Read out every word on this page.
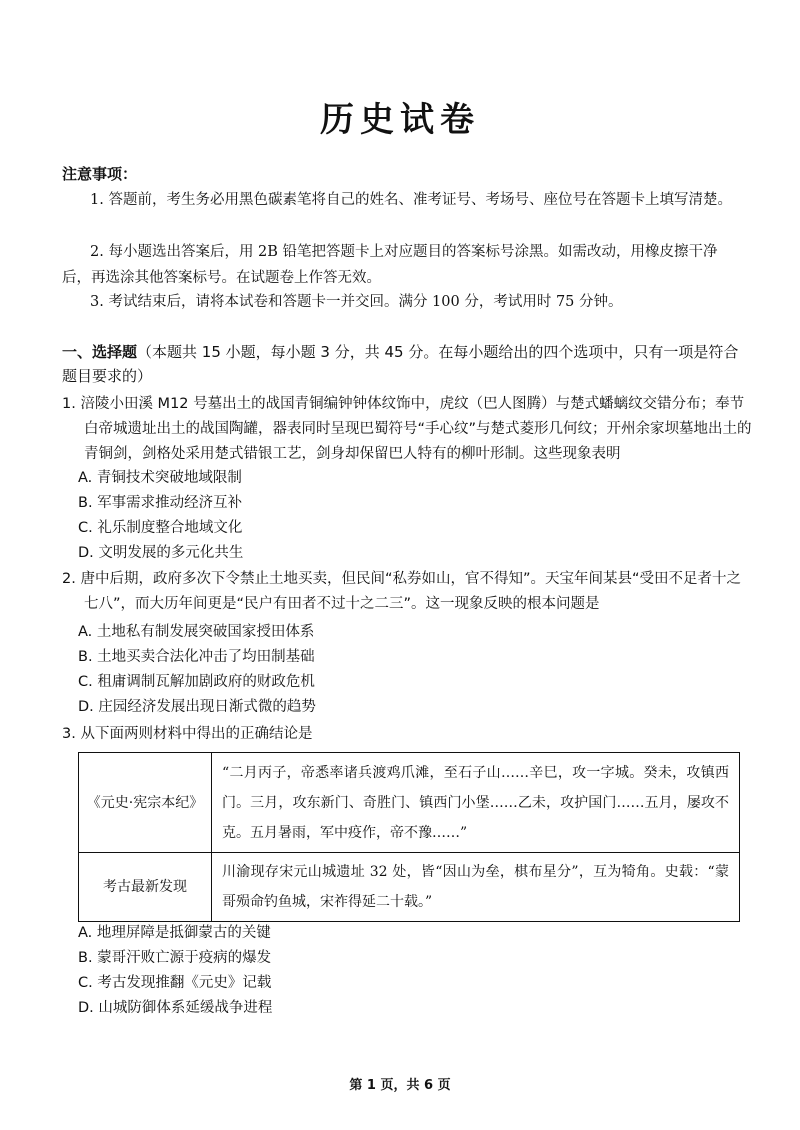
历史试卷
注意事项：
1. 答题前，考生务必用黑色碳素笔将自己的姓名、准考证号、考场号、座位号在答题卡上填写清楚。
2. 每小题选出答案后，用 2B 铅笔把答题卡上对应题目的答案标号涂黑。如需改动，用橡皮擦干净后，再选涂其他答案标号。在试题卷上作答无效。
3. 考试结束后，请将本试卷和答题卡一并交回。满分 100 分，考试用时 75 分钟。
一、选择题（本题共 15 小题，每小题 3 分，共 45 分。在每小题给出的四个选项中，只有一项是符合题目要求的）
1. 涪陵小田溪 M12 号墓出土的战国青铜编钟钟体纹饰中，虎纹（巴人图腾）与楚式蟠螭纹交错分布；奉节白帝城遗址出土的战国陶罐，器表同时呈现巴蜀符号“手心纹”与楚式菱形几何纹；开州余家坝墓地出土的青铜剑，剑格处采用楚式错银工艺，剑身却保留巴人特有的柳叶形制。这些现象表明
A. 青铜技术突破地域限制
B. 军事需求推动经济互补
C. 礼乐制度整合地域文化
D. 文明发展的多元化共生
2. 唐中后期，政府多次下令禁止土地买卖，但民间“私券如山，官不得知”。天宝年间某县“受田不足者十之七八”，而大历年间更是“民户有田者不过十之二三”。这一现象反映的根本问题是
A. 土地私有制发展突破国家授田体系
B. 土地买卖合法化冲击了均田制基础
C. 租庸调制瓦解加剧政府的财政危机
D. 庄园经济发展出现日渐式微的趋势
3. 从下面两则材料中得出的正确结论是
《元史·宪宗本纪》	“二月丙子，帝悉率诸兵渡鸡爪滩，至石子山……辛巳，攻一字城。癸未，攻镇西门。三月，攻东新门、奇胜门、镇西门小堡……乙未，攻护国门……五月，屡攻不克。五月暑雨，军中疫作，帝不豫……”
考古最新发现	川渝现存宋元山城遗址 32 处，皆“因山为垒，棋布星分”，互为犄角。史载：“蒙哥殒命钓鱼城，宋祚得延二十载。”
A. 地理屏障是抵御蒙古的关键
B. 蒙哥汗败亡源于疫病的爆发
C. 考古发现推翻《元史》记载
D. 山城防御体系延缓战争进程
第 1 页，共 6 页
